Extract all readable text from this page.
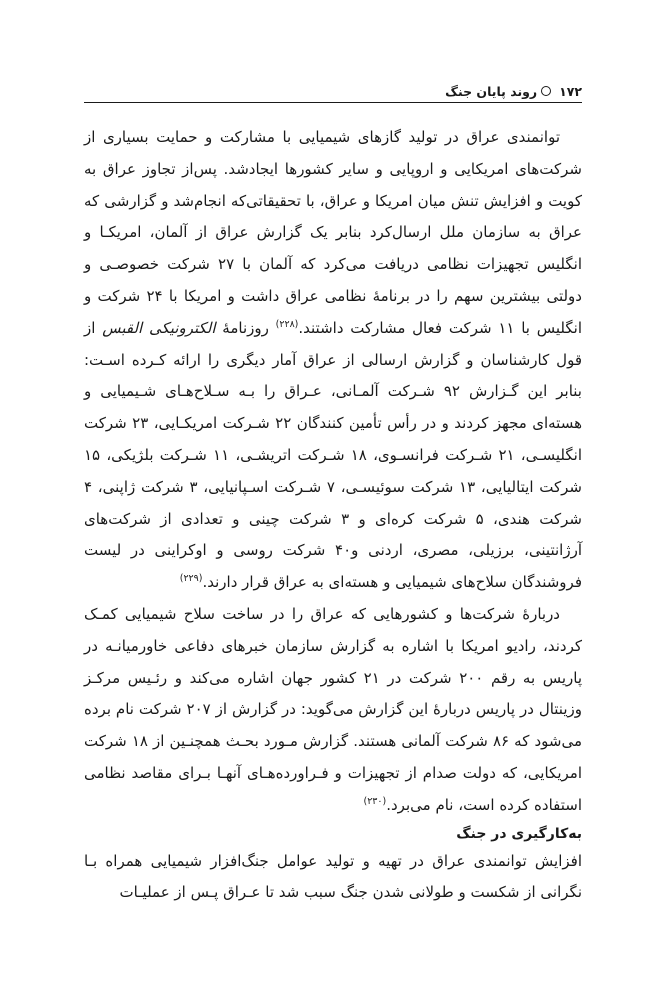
۱۷۲
روند پایان جنگ

توانمندی عراق در تولید گازهای شیمیایی با مشارکت و حمایت بسیاری از شرکت‌های امریکایی و اروپایی و سایر کشورها ایجادشد. پس‌از تجاوز عراق به کویت و افزایش تنش میان امریکا و عراق، با تحقیقاتی‌که انجام‌شد و گزارشی که عراق به سازمان ملل ارسال‌کرد بنابر یک گزارش عراق از آلمان، امریکـا و انگلیس تجهیزات نظامی دریافت می‌کرد که آلمان با ۲۷ شرکت خصوصـی و دولتی بیشترین سهم را در برنامهٔ نظامی عراق داشت و امریکا با ۲۴ شرکت و انگلیس با ۱۱ شرکت فعال مشارکت داشتند.$^{(۲۲۸)}$ روزنامهٔ الکترونیکی القبس از قول کارشناسان و گزارش ارسالی از عراق آمار دیگری را ارائه کـرده اسـت: بنابر این گـزارش ۹۲ شـرکت آلمـانی، عـراق را بـه سـلاح‌هـای شـیمیایی و هسته‌ای مجهز کردند و در رأس تأمین کنندگان ۲۲ شـرکت امریکـایی، ۲۳ شرکت انگلیسـی، ۲۱ شـرکت فرانسـوی، ۱۸ شـرکت اتریشـی، ۱۱ شـرکت بلژیکی، ۱۵ شرکت ایتالیایی، ۱۳ شرکت سوئیسـی، ۷ شـرکت اسـپانیایی، ۳ شرکت ژاپنی، ۴ شرکت هندی، ۵ شرکت کره‌ای و ۳ شرکت چینی و تعدادی از شرکت‌های آرژانتینی، برزیلی، مصری، اردنی و۴۰ شرکت روسی و اوکراینی در لیست فروشندگان سلاح‌های شیمیایی و هسته‌ای به عراق قرار دارند.$^{(۲۲۹)}$

دربارهٔ شرکت‌ها و کشورهایی که عراق را در ساخت سلاح شیمیایی کمـک کردند، رادیو امریکا با اشاره به گزارش سازمان خبرهای دفاعی خاورمیانـه در پاریس به رقم ۲۰۰ شرکت در ۲۱ کشور جهان اشاره می‌کند و رئـیس مرکـز وزینتال در پاریس دربارهٔ این گزارش می‌گوید: در گزارش از ۲۰۷ شرکت نام برده می‌شود که ۸۶ شرکت آلمانی هستند. گزارش مـورد بحـث همچنـین از ۱۸ شرکت امریکایی، که دولت صدام از تجهیزات و فـراورده‌هـای آنهـا بـرای مقاصد نظامی استفاده کرده است، نام می‌برد.$^{(۲۳۰)}$

به‌کارگیری در جنگ

افزایش توانمندی عراق در تهیه و تولید عوامل جنگ‌افزار شیمیایی همراه بـا نگرانی از شکست و طولانی شدن جنگ سبب شد تا عـراق پـس از عملیـات
